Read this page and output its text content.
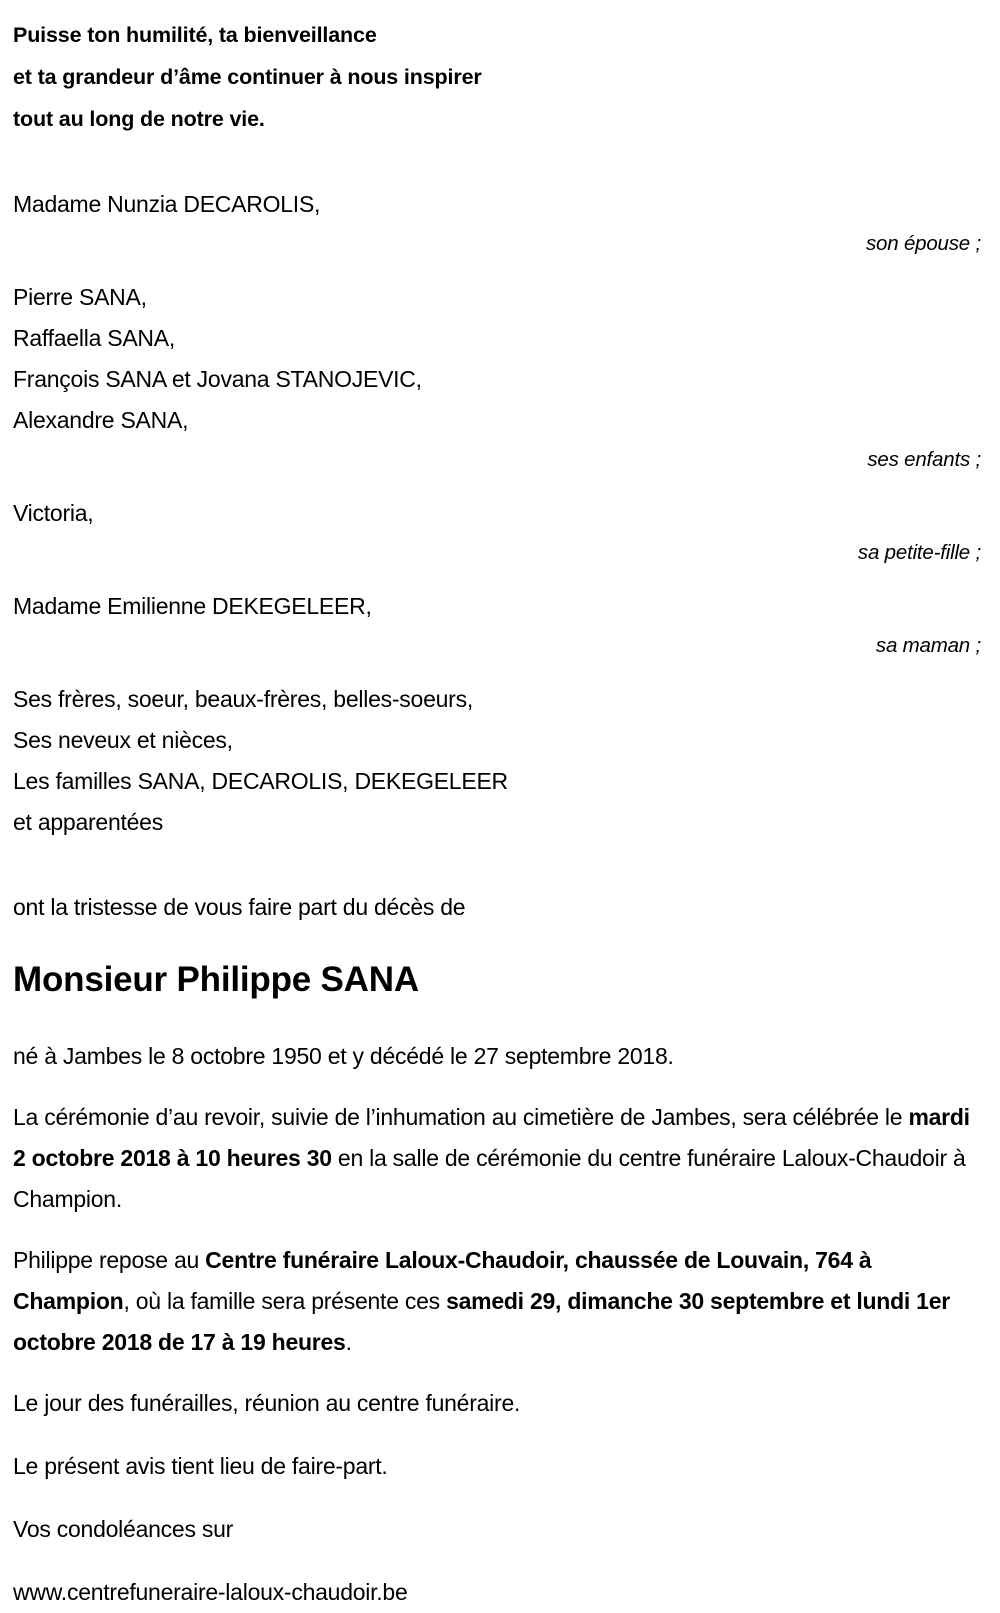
Puisse ton humilité, ta bienveillance
et ta grandeur d’âme continuer à nous inspirer
tout au long de notre vie.
Madame Nunzia DECAROLIS,
son épouse ;
Pierre SANA,
Raffaella SANA,
François SANA et Jovana STANOJEVIC,
Alexandre SANA,
ses enfants ;
Victoria,
sa petite-fille ;
Madame Emilienne DEKEGELEER,
sa maman ;
Ses frères, soeur, beaux-frères, belles-soeurs,
Ses neveux et nièces,
Les familles SANA, DECAROLIS, DEKEGELEER
et apparentées
ont la tristesse de vous faire part du décès de
Monsieur Philippe SANA
né à Jambes le 8 octobre 1950 et y décédé le 27 septembre 2018.
La cérémonie d’au revoir, suivie de l’inhumation au cimetière de Jambes, sera célébrée le mardi 2 octobre 2018 à 10 heures 30 en la salle de cérémonie du centre funéraire Laloux-Chaudoir à Champion.
Philippe repose au Centre funéraire Laloux-Chaudoir, chaussée de Louvain, 764 à Champion, où la famille sera présente ces samedi 29, dimanche 30 septembre et lundi 1er octobre 2018 de 17 à 19 heures.
Le jour des funérailles, réunion au centre funéraire.
Le présent avis tient lieu de faire-part.
Vos condoléances sur
www.centrefuneraire-laloux-chaudoir.be
